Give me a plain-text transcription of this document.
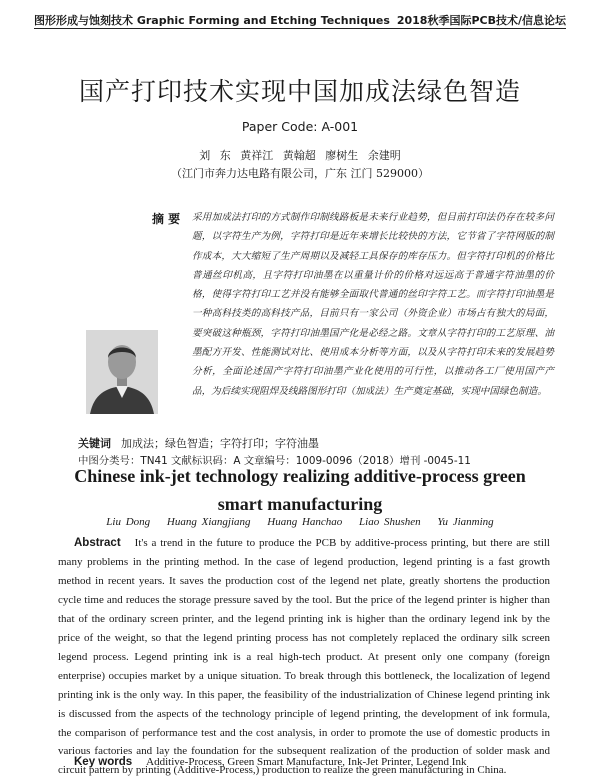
图形形成与蚀刻技术 Graphic Forming and Etching Techniques 2018秋季国际PCB技术/信息论坛
国产打印技术实现中国加成法绿色智造
Paper Code: A-001
刘 东 黄祥江 黄翰超 廖树生 余建明
（江门市奔力达电路有限公司，广东 江门 529000）
摘 要 采用加成法打印的方式制作印制线路板是未来行业趋势，但目前打印法仍存在较多问题，以字符生产为例，字符打印是近年来增长比较快的方法，它节省了字符网版的制作成本，大大缩短了生产周期以及减轻工具保存的库存压力。但字符打印机的价格比普通丝印机高，且字符打印油墨在以重量计价的价格对远远高于普通字符油墨的价格，使得字符打印工艺并没有能够全面取代普通的丝印字符工艺。而字符打印油墨是一种高科技类的高科技产品，目前只有一家公司（外资企业）市场占有独大的局面，要突破这种瓶颈，字符打印油墨国产化是必经之路。文章从字符打印的工艺原理、油墨配方开发、性能测试对比、使用成本分析等方面，以及从字符打印未来的发展趋势分析，全面论述国产字符打印油墨产业化使用的可行性，以推动各工厂使用国产产品，为后续实现阻焊及线路图形打印（加成法）生产奠定基础，实现中国绿色制造。
关键词 加成法；绿色智造；字符打印；字符油墨
中图分类号：TN41 文献标识码：A 文章编号：1009-0096（2018）增刊 -0045-11
Chinese ink-jet technology realizing additive-process green
smart manufacturing
Liu Dong Huang Xiangjiang Huang Hanchao Liao Shushen Yu Jianming
Abstract It's a trend in the future to produce the PCB by additive-process printing, but there are still many problems in the printing method. In the case of legend production, legend printing is a fast growth method in recent years. It saves the production cost of the legend net plate, greatly shortens the production cycle time and reduces the storage pressure saved by the tool. But the price of the legend printer is higher than that of the ordinary screen printer, and the legend printing ink is higher than the ordinary legend ink by the price of the weight, so that the legend printing process has not completely replaced the ordinary silk screen legend process. Legend printing ink is a real high-tech product. At present only one company (foreign enterprise) occupies market by a unique situation. To break through this bottleneck, the localization of legend printing ink is the only way. In this paper, the feasibility of the industrialization of Chinese legend printing ink is discussed from the aspects of the technology principle of legend printing, the development of ink formula, the comparison of performance test and the cost analysis, in order to promote the use of domestic products in various factories and lay the foundation for the subsequent realization of the production of solder mask and circuit pattern by printing (Additive-Process,) production to realize the green manufacturing in China.
Key words Additive-Process, Green Smart Manufacture, Ink-Jet Printer, Legend Ink
